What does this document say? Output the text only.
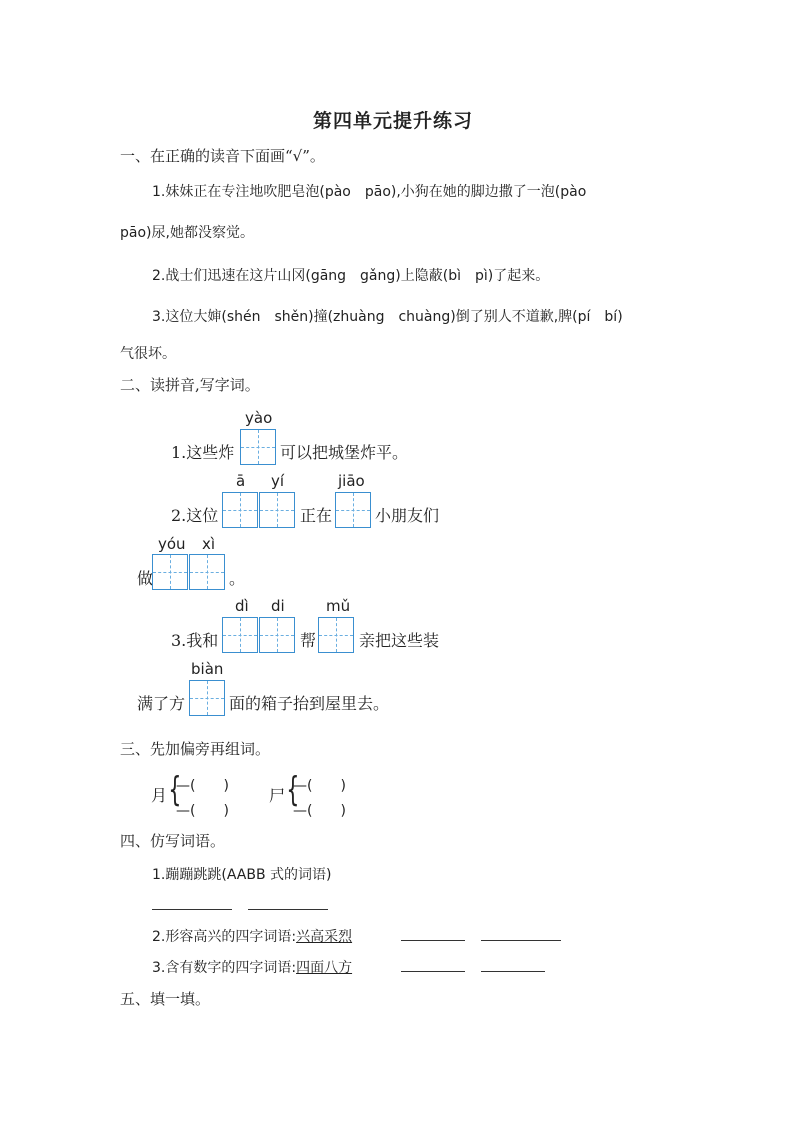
第四单元提升练习
一、在正确的读音下面画“√”。
1.妹妹正在专注地吹肥皂泡(pào　pāo),小狗在她的脚边撒了一泡(pào
pāo)尿,她都没察觉。
2.战士们迅速在这片山冈(gāng　gǎng)上隐蔽(bì　pì)了起来。
3.这位大婶(shén　shěn)撞(zhuàng　chuàng)倒了别人不道歉,脾(pí　bí)
气很坏。
二、读拼音,写字词。
1.这些炸
yào
可以把城堡炸平。
2.这位
ā yí
正在
jiāo
小朋友们
做
yóu xì
。
3.我和
dì di
帮
mǔ
亲把这些装
满了方
biàn
面的箱子抬到屋里去。
三、先加偏旁再组词。
月 {
—(　　)
—(　　)
尸 {
—(　　)
—(　　)
四、仿写词语。
1.蹦蹦跳跳(AABB 式的词语)
2.形容高兴的四字词语:兴高采烈
3.含有数字的四字词语:四面八方
五、填一填。
